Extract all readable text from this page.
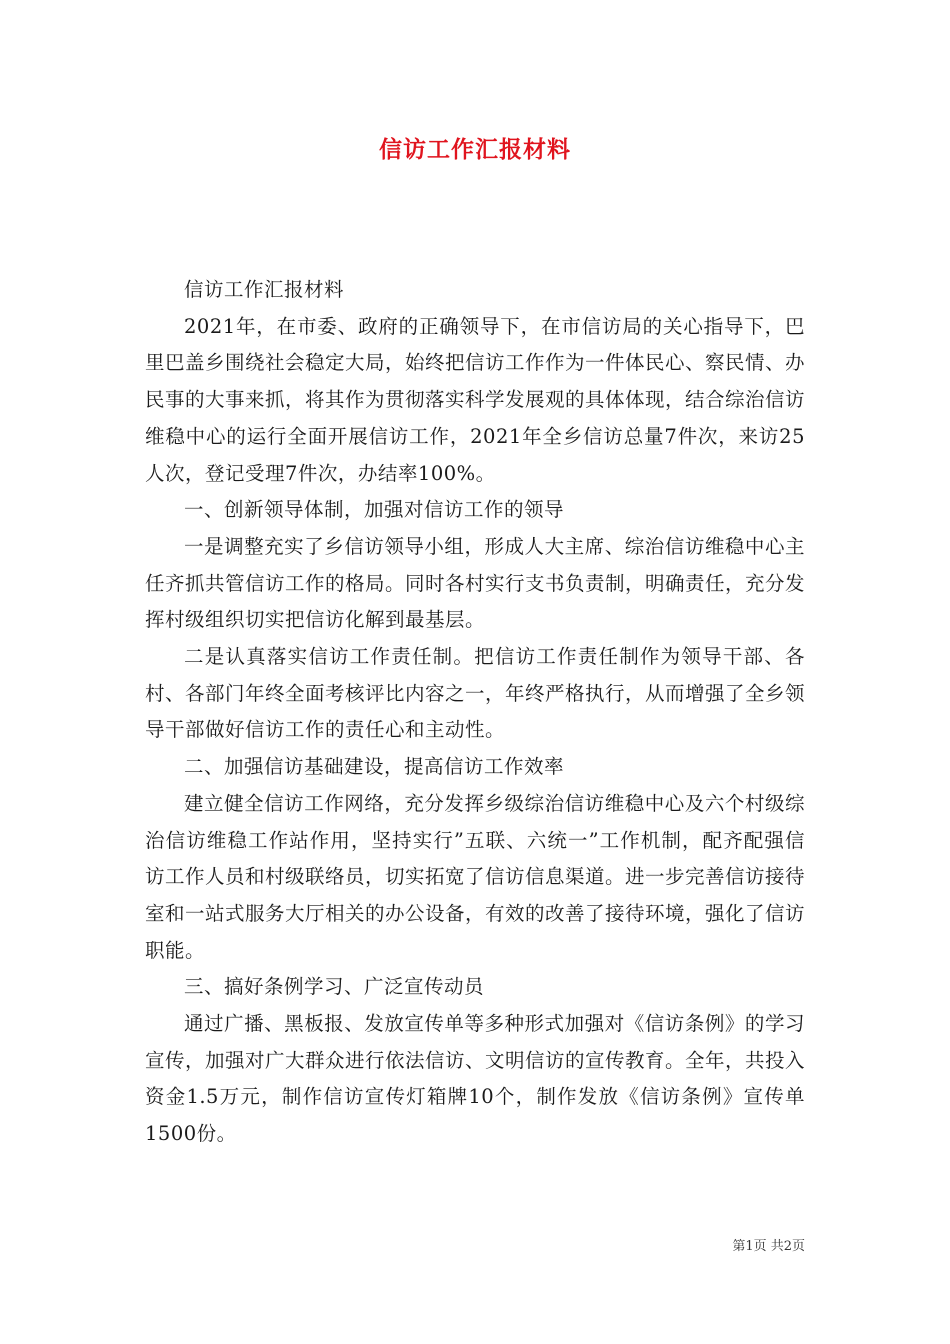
信访工作汇报材料

信访工作汇报材料

2021年，在市委、政府的正确领导下，在市信访局的关心指导下，巴里巴盖乡围绕社会稳定大局，始终把信访工作作为一件体民心、察民情、办民事的大事来抓，将其作为贯彻落实科学发展观的具体体现，结合综治信访维稳中心的运行全面开展信访工作，2021年全乡信访总量7件次，来访25人次，登记受理7件次，办结率100%。

一、创新领导体制，加强对信访工作的领导

一是调整充实了乡信访领导小组，形成人大主席、综治信访维稳中心主任齐抓共管信访工作的格局。同时各村实行支书负责制，明确责任，充分发挥村级组织切实把信访化解到最基层。

二是认真落实信访工作责任制。把信访工作责任制作为领导干部、各村、各部门年终全面考核评比内容之一，年终严格执行，从而增强了全乡领导干部做好信访工作的责任心和主动性。

二、加强信访基础建设，提高信访工作效率

建立健全信访工作网络，充分发挥乡级综治信访维稳中心及六个村级综治信访维稳工作站作用，坚持实行”五联、六统一”工作机制，配齐配强信访工作人员和村级联络员，切实拓宽了信访信息渠道。进一步完善信访接待室和一站式服务大厅相关的办公设备，有效的改善了接待环境，强化了信访职能。

三、搞好条例学习、广泛宣传动员

通过广播、黑板报、发放宣传单等多种形式加强对《信访条例》的学习宣传，加强对广大群众进行依法信访、文明信访的宣传教育。全年，共投入资金1.5万元，制作信访宣传灯箱牌10个，制作发放《信访条例》宣传单1500份。

第1页 共2页
